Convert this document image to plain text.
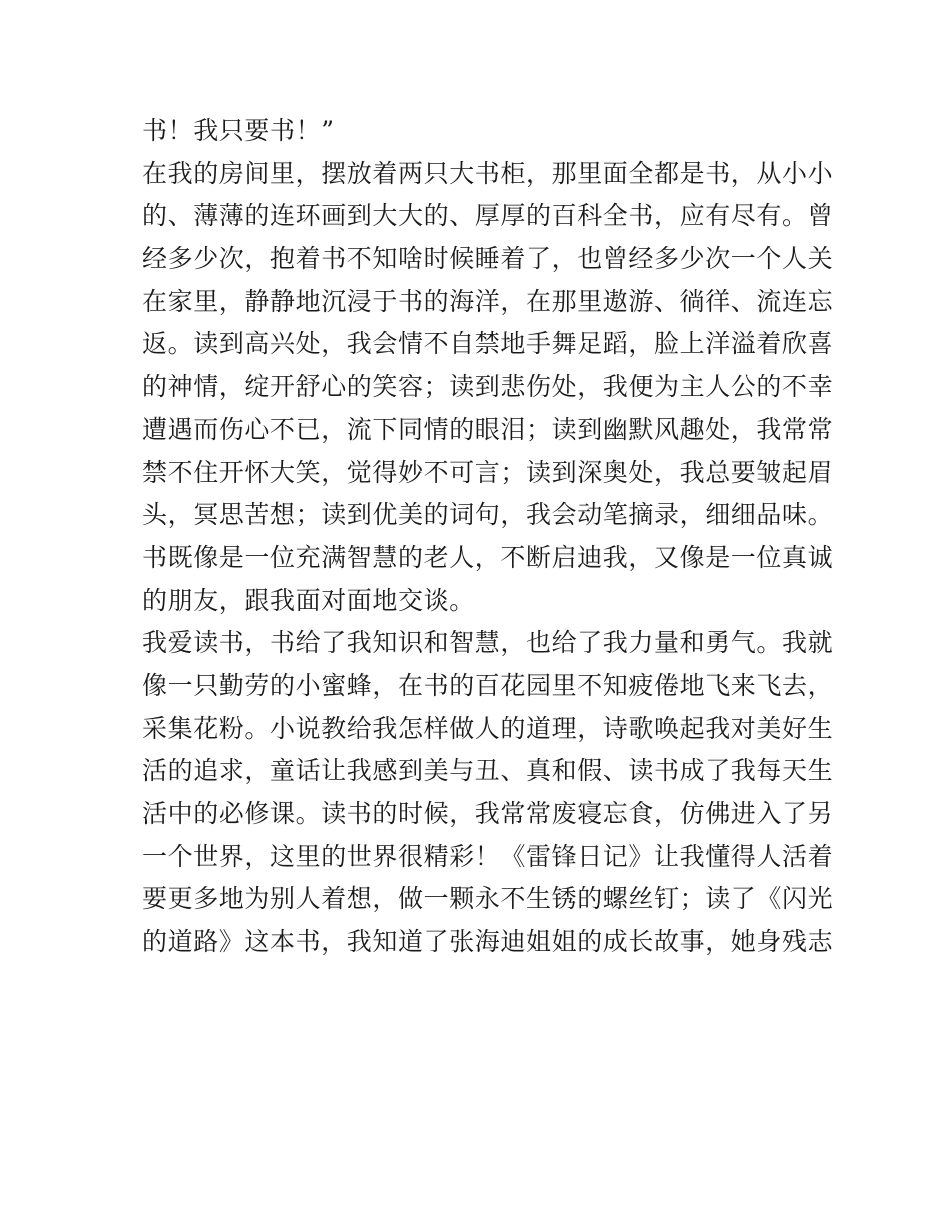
书！我只要书！”
在我的房间里，摆放着两只大书柜，那里面全都是书，从小小
的、薄薄的连环画到大大的、厚厚的百科全书，应有尽有。曾
经多少次，抱着书不知啥时候睡着了，也曾经多少次一个人关
在家里，静静地沉浸于书的海洋，在那里遨游、徜徉、流连忘
返。读到高兴处，我会情不自禁地手舞足蹈，脸上洋溢着欣喜
的神情，绽开舒心的笑容；读到悲伤处，我便为主人公的不幸
遭遇而伤心不已，流下同情的眼泪；读到幽默风趣处，我常常
禁不住开怀大笑，觉得妙不可言；读到深奥处，我总要皱起眉
头，冥思苦想；读到优美的词句，我会动笔摘录，细细品味。
书既像是一位充满智慧的老人，不断启迪我，又像是一位真诚
的朋友，跟我面对面地交谈。
我爱读书，书给了我知识和智慧，也给了我力量和勇气。我就
像一只勤劳的小蜜蜂，在书的百花园里不知疲倦地飞来飞去，
采集花粉。小说教给我怎样做人的道理，诗歌唤起我对美好生
活的追求，童话让我感到美与丑、真和假、读书成了我每天生
活中的必修课。读书的时候，我常常废寝忘食，仿佛进入了另
一个世界，这里的世界很精彩！《雷锋日记》让我懂得人活着
要更多地为别人着想，做一颗永不生锈的螺丝钉；读了《闪光
的道路》这本书，我知道了张海迪姐姐的成长故事，她身残志
